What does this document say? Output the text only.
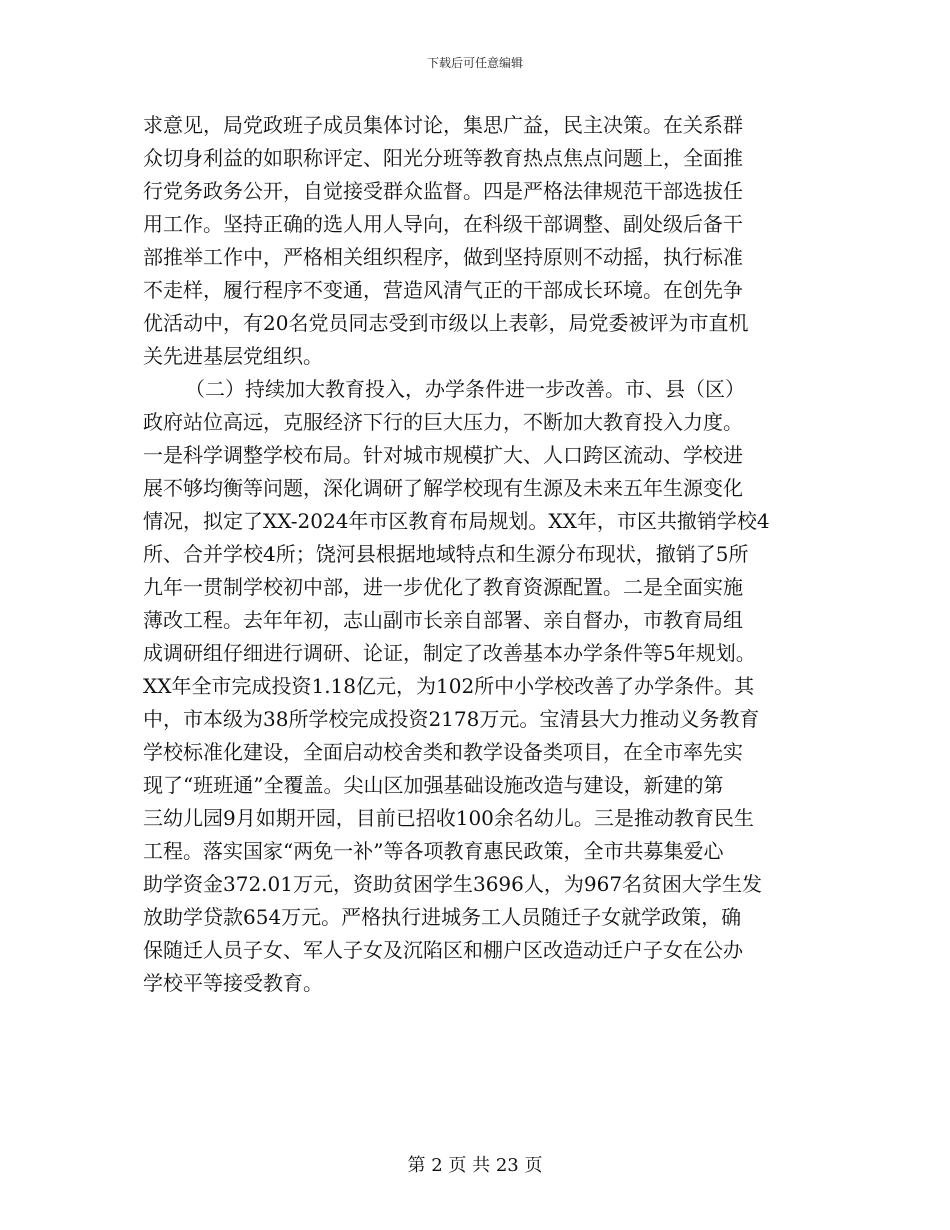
下载后可任意编辑
求意见，局党政班子成员集体讨论，集思广益，民主决策。在关系群
众切身利益的如职称评定、阳光分班等教育热点焦点问题上，全面推
行党务政务公开，自觉接受群众监督。四是严格法律规范干部选拔任
用工作。坚持正确的选人用人导向，在科级干部调整、副处级后备干
部推举工作中，严格相关组织程序，做到坚持原则不动摇，执行标准
不走样，履行程序不变通，营造风清气正的干部成长环境。在创先争
优活动中，有20名党员同志受到市级以上表彰，局党委被评为市直机
关先进基层党组织。
（二）持续加大教育投入，办学条件进一步改善。市、县（区）
政府站位高远，克服经济下行的巨大压力，不断加大教育投入力度。
一是科学调整学校布局。针对城市规模扩大、人口跨区流动、学校进
展不够均衡等问题，深化调研了解学校现有生源及未来五年生源变化
情况，拟定了XX-2024年市区教育布局规划。XX年，市区共撤销学校4
所、合并学校4所；饶河县根据地域特点和生源分布现状，撤销了5所
九年一贯制学校初中部，进一步优化了教育资源配置。二是全面实施
薄改工程。去年年初，志山副市长亲自部署、亲自督办，市教育局组
成调研组仔细进行调研、论证，制定了改善基本办学条件等5年规划。
XX年全市完成投资1.18亿元，为102所中小学校改善了办学条件。其
中，市本级为38所学校完成投资2178万元。宝清县大力推动义务教育
学校标准化建设，全面启动校舍类和教学设备类项目，在全市率先实
现了“班班通”全覆盖。尖山区加强基础设施改造与建设，新建的第
三幼儿园9月如期开园，目前已招收100余名幼儿。三是推动教育民生
工程。落实国家“两免一补”等各项教育惠民政策，全市共募集爱心
助学资金372.01万元，资助贫困学生3696人，为967名贫困大学生发
放助学贷款654万元。严格执行进城务工人员随迁子女就学政策，确
保随迁人员子女、军人子女及沉陷区和棚户区改造动迁户子女在公办
学校平等接受教育。
第 2 页 共 23 页
